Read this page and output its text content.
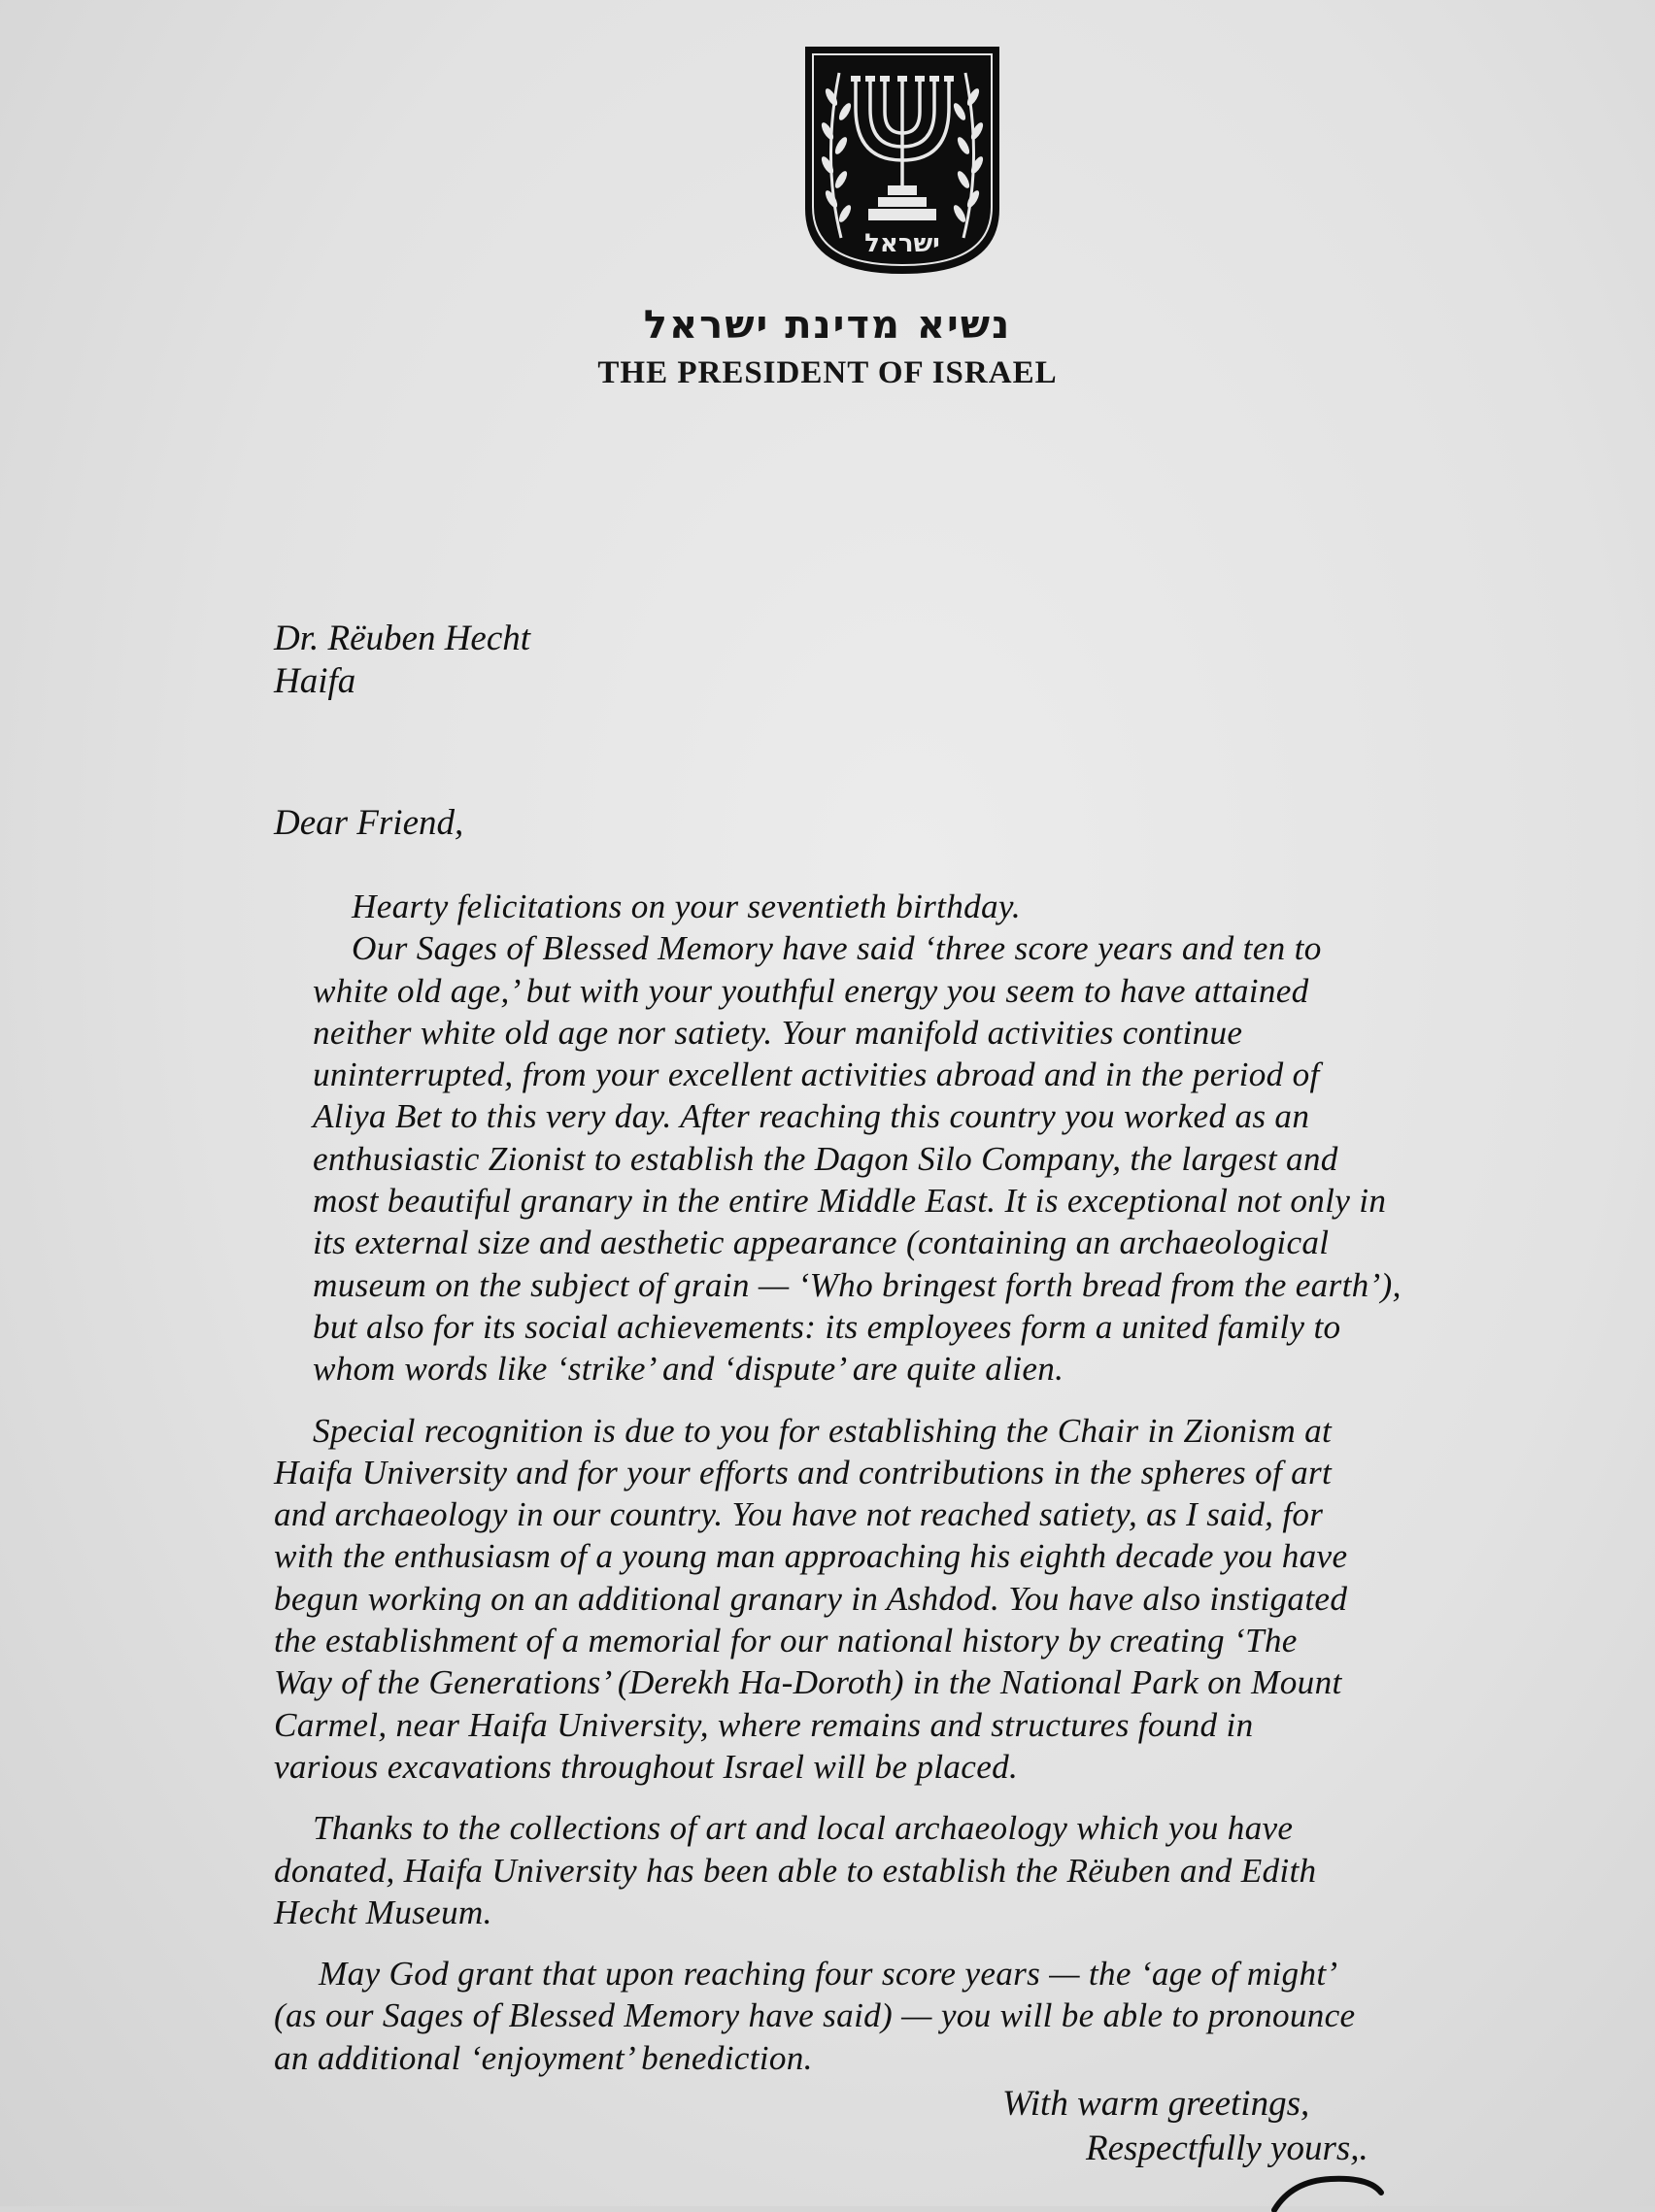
ישראל
נשיא מדינת ישראל
THE PRESIDENT OF ISRAEL
Dr. Rëuben Hecht
Haifa
Dear Friend,
Hearty felicitations on your seventieth birthday.
Our Sages of Blessed Memory have said ‘three score years and ten to
white old age,’ but with your youthful energy you seem to have attained
neither white old age nor satiety. Your manifold activities continue
uninterrupted, from your excellent activities abroad and in the period of
Aliya Bet to this very day. After reaching this country you worked as an
enthusiastic Zionist to establish the Dagon Silo Company, the largest and
most beautiful granary in the entire Middle East. It is exceptional not only in
its external size and aesthetic appearance (containing an archaeological
museum on the subject of grain — ‘Who bringest forth bread from the earth’),
but also for its social achievements: its employees form a united family to
whom words like ‘strike’ and ‘dispute’ are quite alien.
Special recognition is due to you for establishing the Chair in Zionism at
Haifa University and for your efforts and contributions in the spheres of art
and archaeology in our country. You have not reached satiety, as I said, for
with the enthusiasm of a young man approaching his eighth decade you have
begun working on an additional granary in Ashdod. You have also instigated
the establishment of a memorial for our national history by creating ‘The
Way of the Generations’ (Derekh Ha-Doroth) in the National Park on Mount
Carmel, near Haifa University, where remains and structures found in
various excavations throughout Israel will be placed.
Thanks to the collections of art and local archaeology which you have
donated, Haifa University has been able to establish the Rëuben and Edith
Hecht Museum.
May God grant that upon reaching four score years — the ‘age of might’
(as our Sages of Blessed Memory have said) — you will be able to pronounce
an additional ‘enjoyment’ benediction.
With warm greetings,
Respectfully yours,.
